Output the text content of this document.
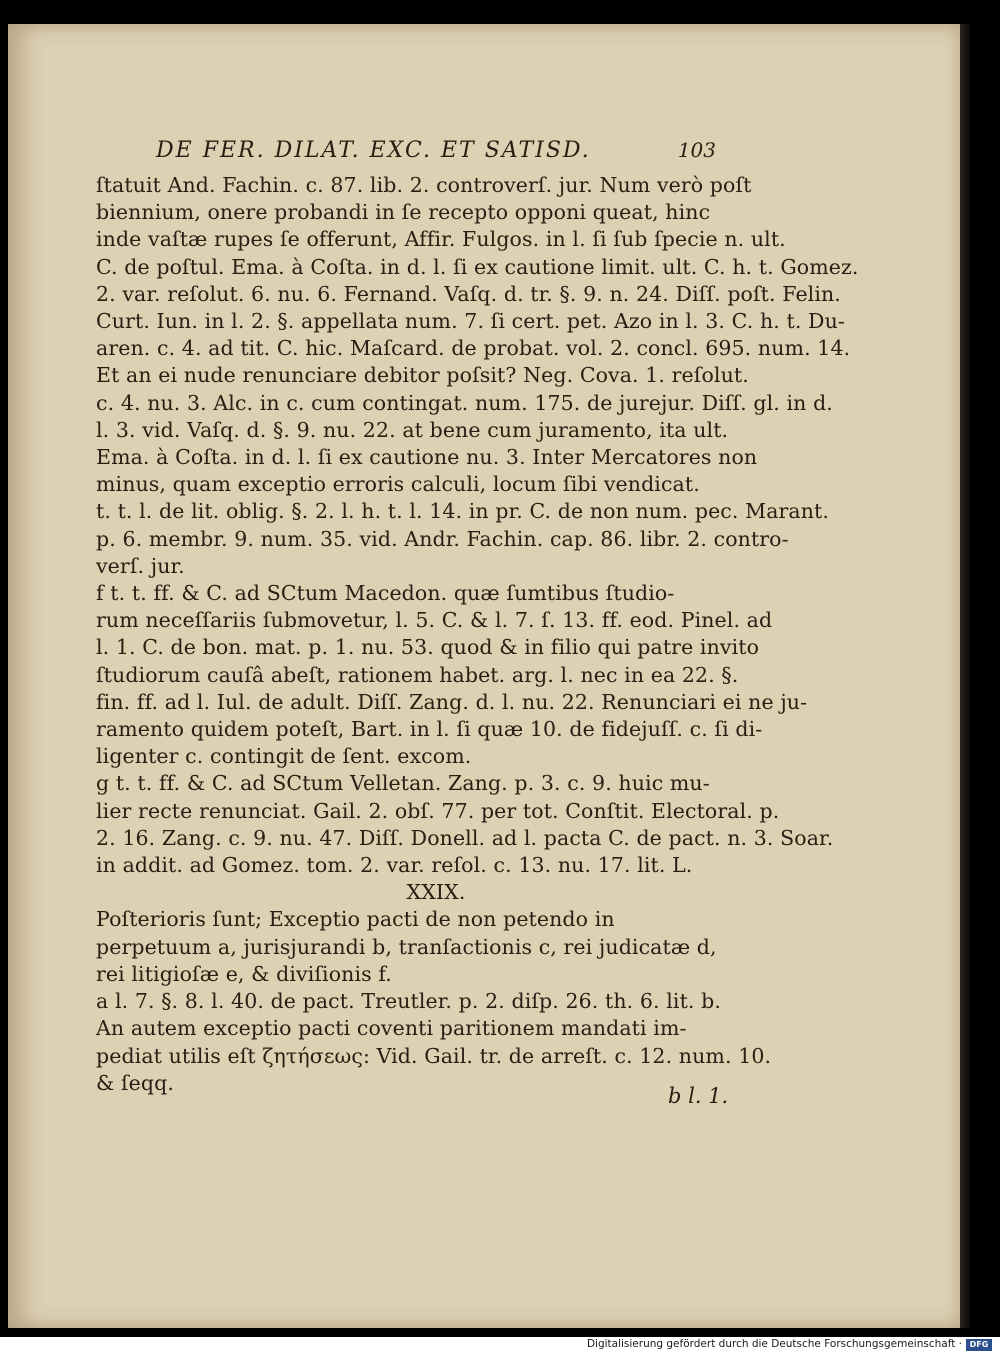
DE FER. DILAT. EXC. ET SATISD.	103
ſtatuit And. Fachin. c. 87. lib. 2. controverſ. jur. Num verò poſt
biennium, onere probandi in ſe recepto opponi queat, hinc
inde vaſtæ rupes ſe offerunt, Affir. Fulgos. in l. ſi ſub ſpecie n. ult.
C. de poſtul. Ema. à Coſta. in d. l. ſi ex cautione limit. ult. C. h. t. Gomez.
2. var. reſolut. 6. nu. 6. Fernand. Vaſq. d. tr. §. 9. n. 24. Diſſ. poſt. Felin.
Curt. Iun. in l. 2. §. appellata num. 7. ſi cert. pet. Azo in l. 3. C. h. t. Du-
aren. c. 4. ad tit. C. hic. Maſcard. de probat. vol. 2. concl. 695. num. 14.
Et an ei nude renunciare debitor poſsit? Neg. Cova. 1. reſolut.
c. 4. nu. 3. Alc. in c. cum contingat. num. 175. de jurejur. Diſſ. gl. in d.
l. 3. vid. Vaſq. d. §. 9. nu. 22. at bene cum juramento, ita ult.
Ema. à Coſta. in d. l. ſi ex cautione nu. 3. Inter Mercatores non
minus, quam exceptio erroris calculi, locum ſibi vendicat.
t. t. l. de lit. oblig. §. 2. l. h. t. l. 14. in pr. C. de non num. pec. Marant.
p. 6. membr. 9. num. 35. vid. Andr. Fachin. cap. 86. libr. 2. contro-
verſ. jur.
f t. t. ff. & C. ad SCtum Macedon. quæ ſumtibus ſtudio-
rum neceſſariis ſubmovetur, l. 5. C. & l. 7. ſ. 13. ff. eod. Pinel. ad
l. 1. C. de bon. mat. p. 1. nu. 53. quod & in filio qui patre invito
ſtudiorum cauſâ abeſt, rationem habet. arg. l. nec in ea 22. §.
fin. ff. ad l. Iul. de adult. Diſſ. Zang. d. l. nu. 22. Renunciari ei ne ju-
ramento quidem poteſt, Bart. in l. ſi quæ 10. de fidejuſſ. c. ſi di-
ligenter c. contingit de ſent. excom.
g t. t. ff. & C. ad SCtum Velletan. Zang. p. 3. c. 9. huic mu-
lier recte renunciat. Gail. 2. obſ. 77. per tot. Conſtit. Electoral. p.
2. 16. Zang. c. 9. nu. 47. Diſſ. Donell. ad l. pacta C. de pact. n. 3. Soar.
in addit. ad Gomez. tom. 2. var. reſol. c. 13. nu. 17. lit. L.
XXIX.
Poſterioris ſunt; Exceptio pacti de non petendo in
perpetuum a, jurisjurandi b, tranſactionis c, rei judicatæ d,
rei litigioſæ e, & diviſionis f.
a l. 7. §. 8. l. 40. de pact. Treutler. p. 2. diſp. 26. th. 6. lit. b.
An autem exceptio pacti coventi paritionem mandati im-
pediat utilis eſt ζητήσεως: Vid. Gail. tr. de arreſt. c. 12. num. 10.
& ſeqq.
b l. 1.
Digitalisierung gefördert durch die Deutsche Forschungsgemeinschaft · DFG
